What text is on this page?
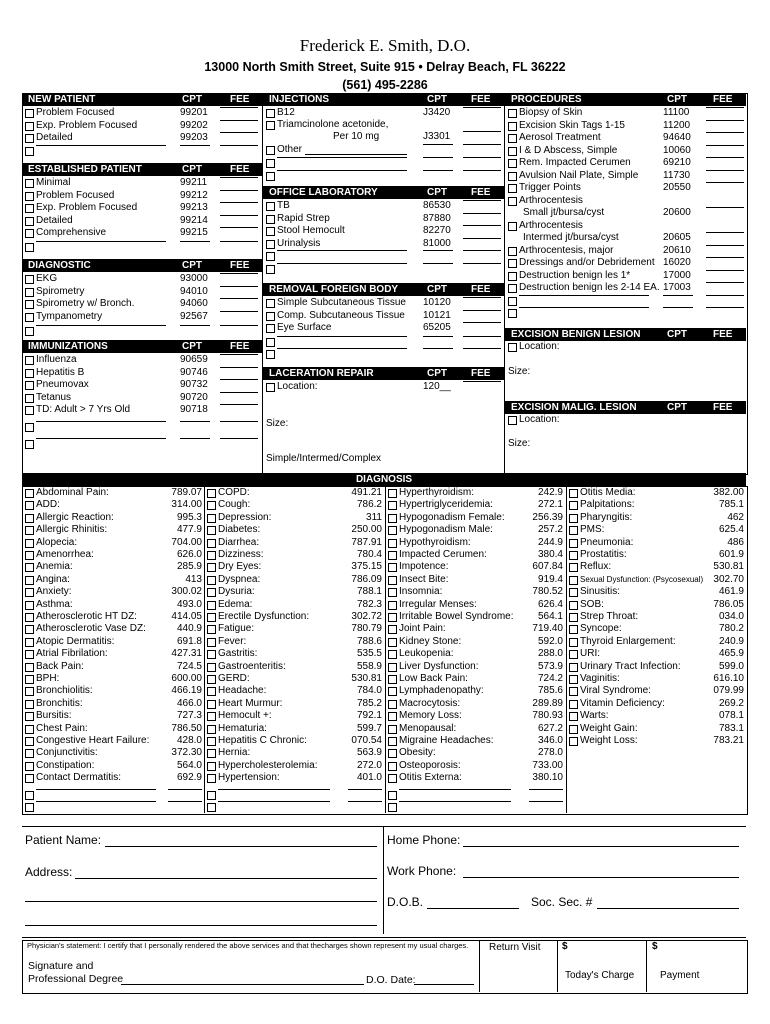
Frederick E. Smith, D.O.
13000 North Smith Street, Suite 915 • Delray Beach, FL 36222
(561) 495-2286
NEW PATIENT	CPT	FEE
Problem Focused	99201
Exp. Problem Focused	99202
Detailed	99203
ESTABLISHED PATIENT	CPT	FEE
Minimal	99211
Problem Focused	99212
Exp. Problem Focused	99213
Detailed	99214
Comprehensive	99215
DIAGNOSTIC	CPT	FEE
EKG	93000
Spirometry	94010
Spirometry w/ Bronch.	94060
Tympanometry	92567
IMMUNIZATIONS	CPT	FEE
Influenza	90659
Hepatitis B	90746
Pneumovax	90732
Tetanus	90720
TD: Adult > 7 Yrs Old	90718
INJECTIONS	CPT FEE
B12	J3420
Triamcinolone acetonide,
Per 10 mg	J3301
Other
OFFICE LABORATORY	CPT FEE
TB	86530
Rapid Strep	87880
Stool Hemocult	82270
Urinalysis	81000
REMOVAL FOREIGN BODY	CPT FEE
Simple Subcutaneous Tissue 10120
Comp. Subcutaneous Tissue 10121
Eye Surface	65205
LACERATION REPAIR	CPT FEE
Location:	120__
Size:
Simple/Intermed/Complex
PROCEDURES	CPT	FEE
Biopsy of Skin	11100
Excision Skin Tags 1-15	11200
Aerosol Treatment	94640
I & D Abscess, Simple	10060
Rem. Impacted Cerumen	69210
Avulsion Nail Plate, Simple 11730
Trigger Points	20550
Arthrocentesis
Small jt/bursa/cyst	20600
Arthrocentesis
Intermed jt/bursa/cyst	20605
Arthrocentesis, major	20610
Dressings and/or Debridement 16020
Destruction benign les 1*	17000
Destruction benign les 2-14 EA. 17003
EXCISION BENIGN LESION	CPT	FEE
Location:
Size:
EXCISION MALIG. LESION	CPT	FEE
Location:
Size:
DIAGNOSIS
Abdominal Pain:	789.07
ADD:	314.00
Allergic Reaction:	995.3
Allergic Rhinitis:	477.9
Alopecia:	704.00
Amenorrhea:	626.0
Anemia:	285.9
Angina:	413
Anxiety:	300.02
Asthma:	493.0
Atherosclerotic HT DZ:	414.05
Atherosclerotic Vase DZ:	440.9
Atopic Dermatitis:	691.8
Atrial Fibrilation:	427.31
Back Pain:	724.5
BPH:	600.00
Bronchiolitis:	466.19
Bronchitis:	466.0
Bursitis:	727.3
Chest Pain:	786.50
Congestive Heart Failure:	428.0
Conjunctivitis:	372.30
Constipation:	564.0
Contact Dermatitis:	692.9
COPD:	491.21
Cough:	786.2
Depression:	311
Diabetes:	250.00
Diarrhea:	787.91
Dizziness:	780.4
Dry Eyes:	375.15
Dyspnea:	786.09
Dysuria:	788.1
Edema:	782.3
Erectile Dysfunction:	302.72
Fatigue:	780.79
Fever:	788.6
Gastritis:	535.5
Gastroenteritis:	558.9
GERD:	530.81
Headache:	784.0
Heart Murmur:	785.2
Hemocult +:	792.1
Hematuria:	599.7
Hepatitis C Chronic:	070.54
Hernia:	563.9
Hypercholesterolemia:	272.0
Hypertension:	401.0
Hyperthyroidism:	242.9
Hypertriglyceridemia:	272.1
Hypogonadism Female:	256.39
Hypogonadism Male:	257.2
Hypothyroidism:	244.9
Impacted Cerumen:	380.4
Impotence:	607.84
Insect Bite:	919.4
Insomnia:	780.52
Irregular Menses:	626.4
Irritable Bowel Syndrome:	564.1
Joint Pain:	719.40
Kidney Stone:	592.0
Leukopenia:	288.0
Liver Dysfunction:	573.9
Low Back Pain:	724.2
Lymphadenopathy:	785.6
Macrocytosis:	289.89
Memory Loss:	780.93
Menopausal:	627.2
Migraine Headaches:	346.0
Obesity:	278.0
Osteoporosis:	733.00
Otitis Externa:	380.10
Otitis Media:	382.00
Palpitations:	785.1
Pharyngitis:	462
PMS:	625.4
Pneumonia:	486
Prostatitis:	601.9
Reflux:	530.81
Sexual Dysfunction: (Psycosexual)	302.70
Sinusitis:	461.9
SOB:	786.05
Strep Throat:	034.0
Syncope:	780.2
Thyroid Enlargement:	240.9
URI:	465.9
Urinary Tract Infection:	599.0
Vaginitis:	616.10
Viral Syndrome:	079.99
Vitamin Deficiency:	269.2
Warts:	078.1
Weight Gain:	783.1
Weight Loss:	783.21
Patient Name:
Address:
Home Phone:
Work Phone:
D.O.B.	Soc. Sec. #
Physician's statement: I certify that I personally rendered the above services and that thecharges shown represent my usual charges.
Signature and
Professional Degree	D.O. Date:
Return Visit $
Today's Charge
$
Payment
